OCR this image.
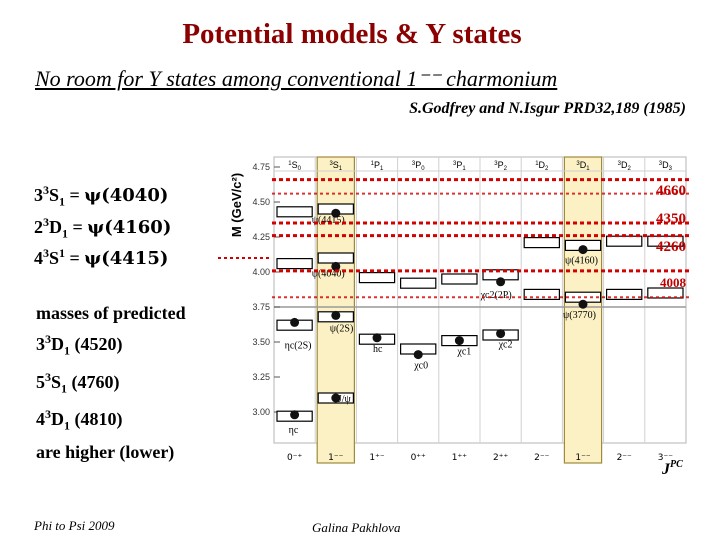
Potential models & Y states
No room for Y states among conventional 1⁻⁻ charmonium
S.Godfrey and N.Isgur PRD32,189 (1985)
$3^3S_1 = \psi(4040)$
$2^3D_1 = \psi(4160)$
$4^3S^1 = \psi(4415)$
masses of predicted
$3^3D_1$ (4520)
$5^3S_1$ (4760)
$4^3D_1$ (4810)
are higher (lower)
3.00
3.25
3.50
3.75
4.00
4.25
4.50
4.75
M (GeV/c²)
$^1S_0$
$^3S_1$
$^1P_1$
$^3P_0$
$^3P_1$
$^3P_2$
$^1D_2$
$^3D_1$
$^3D_2$
$^3D_3$
0⁻⁺	1⁻⁻	1⁺⁻	0⁺⁺	1⁺⁺	2⁺⁺	2⁻⁻	1⁻⁻	2⁻⁻	3⁻⁻
$J^{PC}$
ηc
ηc(2S)
J/ψ
ψ(2S)
ψ(4040)
ψ(4415)
hc
χc0
χc1
χc2
χc2(2P)
ψ(3770)
ψ(4160)
4660
4350
4260
4008
Phi to Psi 2009	Galina Pakhlova
